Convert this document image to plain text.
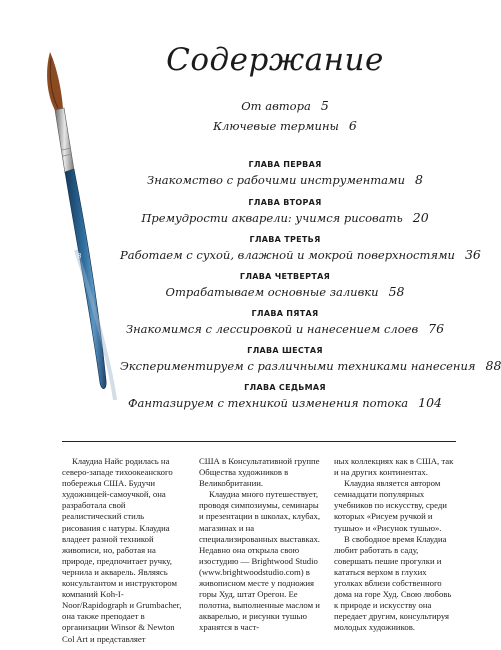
8
Содержание
От автора 5
Ключевые термины 6
ГЛАВА ПЕРВАЯ
Знакомство с рабочими инструментами 8
ГЛАВА ВТОРАЯ
Премудрости акварели: учимся рисовать 20
ГЛАВА ТРЕТЬЯ
Работаем с сухой, влажной и мокрой поверхностями 36
ГЛАВА ЧЕТВЕРТАЯ
Отрабатываем основные заливки 58
ГЛАВА ПЯТАЯ
Знакомимся с лессировкой и нанесением слоев 76
ГЛАВА ШЕСТАЯ
Экспериментируем с различными техниками нанесения 88
ГЛАВА СЕДЬМАЯ
Фантазируем с техникой изменения потока 104

Клаудиа Найс родилась на северо-западе тихоокеанского побережья США. Будучи художницей-самоучкой, она разработала свой реалистический стиль рисования с натуры. Клаудиа владеет разной техникой живописи, но, работая на природе, предпочитает ручку, чернила и акварель. Являясь консультантом и инструктором компаний Koh-I-Noor/Rapidograph и Grumbacher, она также преподает в организации Winsor & Newton Col Art и представляет

США в Консультативной группе Общества художников в Великобритании.

Клаудиа много путешествует, проводя симпозиумы, семинары и презентации в школах, клубах, магазинах и на специализированных выставках. Недавно она открыла свою изостудию — Brightwood Studio (www.brightwoodstudio.com) в живописном месте у подножия горы Худ, штат Орегон. Ее полотна, выполненные маслом и акварелью, и рисунки тушью хранятся в част-

ных коллекциях как в США, так и на других континентах.

Клаудиа является автором семнадцати популярных учебников по искусству, среди которых «Рисуем ручкой и тушью» и «Рисунок тушью».

В свободное время Клаудиа любит работать в саду, совершать пешие прогулки и кататься верхом в глухих уголках вблизи собственного дома на горе Худ. Свою любовь к природе и искусству она передает другим, консультируя молодых художников.
